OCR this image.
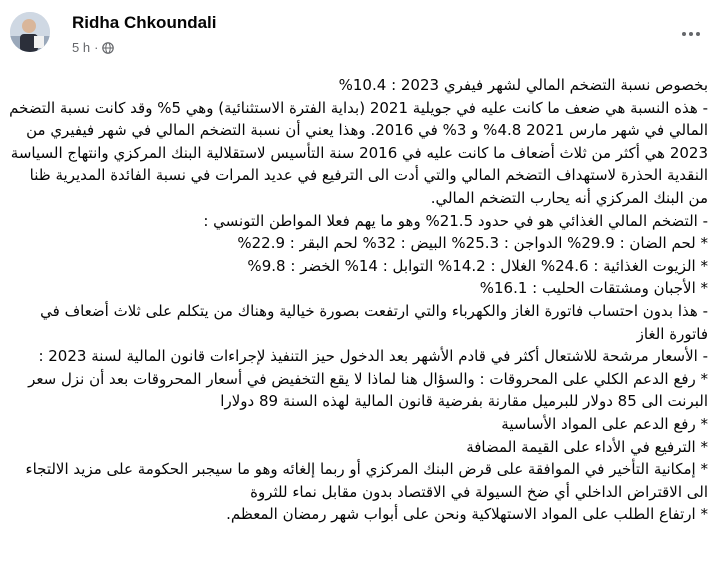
Ridha Chkoundali
5 h ·

بخصوص نسبة التضخم المالي لشهر فيفري 2023 : 10.4%

- هذه النسبة هي ضعف ما كانت عليه في جويلية 2021 (بداية الفترة الاستثنائية) وهي 5% وقد كانت نسبة التضخم المالي في شهر مارس 2021 4.8% و 3% في 2016. وهذا يعني أن نسبة التضخم المالي في شهر فيفيري من 2023 هي أكثر من ثلاث أضعاف ما كانت عليه في 2016 سنة التأسيس لاستقلالية البنك المركزي وانتهاج السياسة النقدية الحذرة لاستهداف التضخم المالي والتي أدت الى الترفيع في عديد المرات في نسبة الفائدة المديرية ظنا من البنك المركزي أنه يحارب التضخم المالي.

- التضخم المالي الغذائي هو في حدود 21.5% وهو ما يهم فعلا المواطن التونسي :

* لحم الضان : 29.9% الدواجن : 25.3% البيض : 32% لحم البقر : 22.9%

* الزيوت الغذائية : 24.6% الغلال : 14.2% التوابل : 14% الخضر : 9.8%

* الأجبان ومشتقات الحليب : 16.1%

- هذا بدون احتساب فاتورة الغاز والكهرباء والتي ارتفعت بصورة خيالية وهناك من يتكلم على ثلاث أضعاف في فاتورة الغاز

- الأسعار مرشحة للاشتعال أكثر في قادم الأشهر بعد الدخول حيز التنفيذ لإجراءات قانون المالية لسنة 2023 :

* رفع الدعم الكلي على المحروقات : والسؤال هنا لماذا لا يقع التخفيض في أسعار المحروقات بعد أن نزل سعر البرنت الى 85 دولار للبرميل مقارنة بفرضية قانون المالية لهذه السنة 89 دولارا

* رفع الدعم على المواد الأساسية

* الترفيع في الأداء على القيمة المضافة

* إمكانية التأخير في الموافقة على قرض البنك المركزي أو ربما إلغائه وهو ما سيجبر الحكومة على مزيد الالتجاء الى الاقتراض الداخلي أي ضخ السيولة في الاقتصاد بدون مقابل نماء للثروة

* ارتفاع الطلب على المواد الاستهلاكية ونحن على أبواب شهر رمضان المعظم.
